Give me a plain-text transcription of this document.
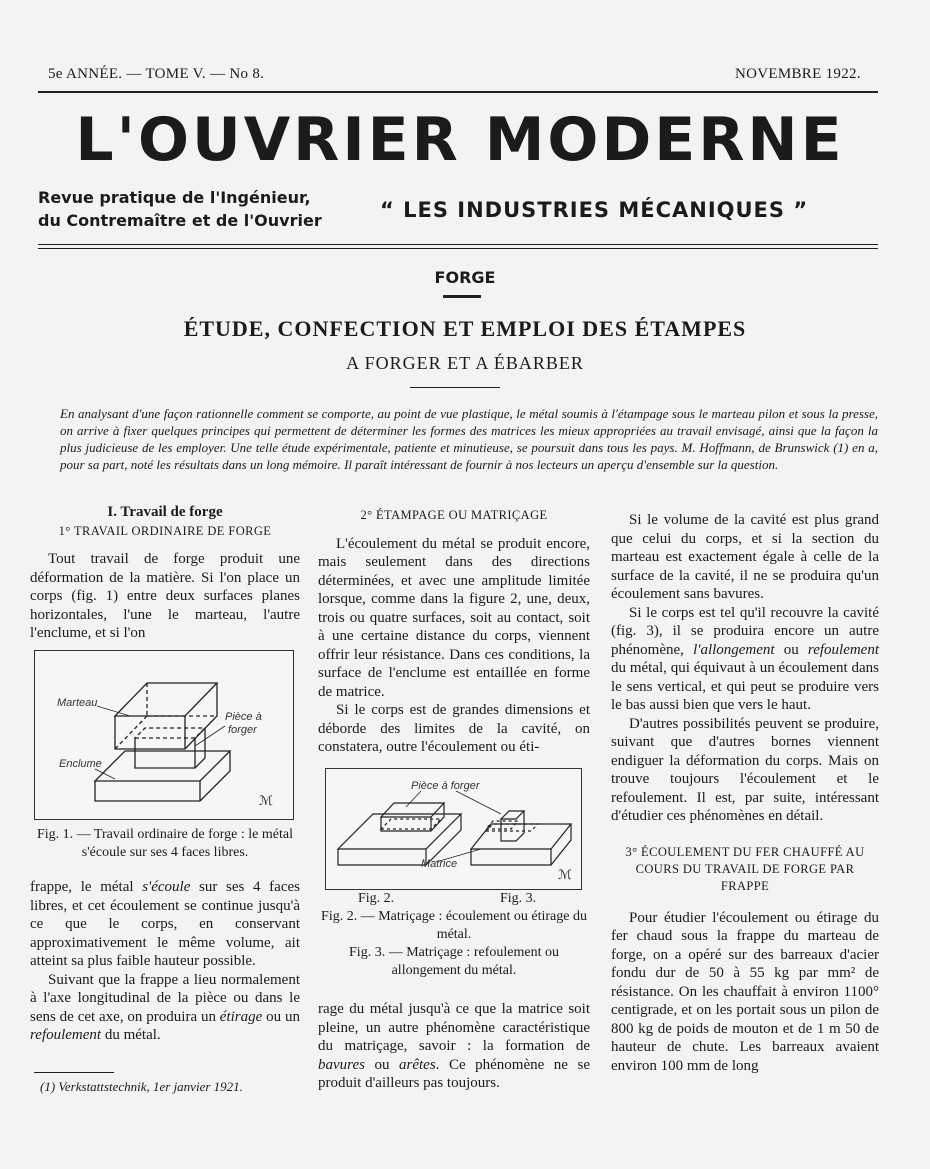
5e ANNÉE. — TOME V. — No 8.	NOVEMBRE 1922.
L'OUVRIER MODERNE
Revue pratique de l'Ingénieur,
du Contremaître et de l'Ouvrier	“ LES INDUSTRIES MÉCANIQUES ”
FORGE
ÉTUDE, CONFECTION ET EMPLOI DES ÉTAMPES
A FORGER ET A ÉBARBER
En analysant d'une façon rationnelle comment se comporte, au point de vue plastique, le métal soumis à l'étampage sous le marteau pilon et sous la presse, on arrive à fixer quelques principes qui permettent de déterminer les formes des matrices les mieux appropriées au travail envisagé, ainsi que la façon la plus judicieuse de les employer. Une telle étude expérimentale, patiente et minutieuse, se poursuit dans tous les pays. M. Hoffmann, de Brunswick (1) en a, pour sa part, noté les résultats dans un long mémoire. Il paraît intéressant de fournir à nos lecteurs un aperçu d'ensemble sur la question.
I. Travail de forge
1° TRAVAIL ORDINAIRE DE FORGE

Tout travail de forge produit une déformation de la matière. Si l'on place un corps (fig. 1) entre deux surfaces planes horizontales, l'une le marteau, l'autre l'enclume, et si l'on

Marteau
Pièce à
forger
Enclume
ℳ
Fig. 1. — Travail ordinaire de forge : le métal s'écoule sur ses 4 faces libres.

frappe, le métal s'écoule sur ses 4 faces libres, et cet écoulement se continue jusqu'à ce que le corps, en conservant approximativement le même volume, ait atteint sa plus faible hauteur possible.

Suivant que la frappe a lieu normalement à l'axe longitudinal de la pièce ou dans le sens de cet axe, on produira un étirage ou un refoulement du métal.

(1) Verkstattstechnik, 1er janvier 1921.
2° ÉTAMPAGE OU MATRIÇAGE

L'écoulement du métal se produit encore, mais seulement dans des directions déterminées, et avec une amplitude limitée lorsque, comme dans la figure 2, une, deux, trois ou quatre surfaces, soit au contact, soit à une certaine distance du corps, viennent offrir leur résistance. Dans ces conditions, la surface de l'enclume est entaillée en forme de matrice.

Si le corps est de grandes dimensions et déborde des limites de la cavité, on constatera, outre l'écoulement ou éti-

Pièce à forger
Matrice
ℳ
Fig. 2.	Fig. 3.
Fig. 2. — Matriçage : écoulement ou étirage du métal.
Fig. 3. — Matriçage : refoulement ou allongement du métal.

rage du métal jusqu'à ce que la matrice soit pleine, un autre phénomène caractéristique du matriçage, savoir : la formation de bavures ou arêtes. Ce phénomène ne se produit d'ailleurs pas toujours.

Si le volume de la cavité est plus grand que celui du corps, et si la section du marteau est exactement égale à celle de la surface de la cavité, il ne se produira qu'un écoulement sans bavures.

Si le corps est tel qu'il recouvre la cavité (fig. 3), il se produira encore un autre phénomène, l'allongement ou refoulement du métal, qui équivaut à un écoulement dans le sens vertical, et qui peut se produire vers le bas aussi bien que vers le haut.

D'autres possibilités peuvent se produire, suivant que d'autres bornes viennent endiguer la déformation du corps. Mais on trouve toujours l'écoulement et le refoulement. Il est, par suite, intéressant d'étudier ces phénomènes en détail.

3° ÉCOULEMENT DU FER CHAUFFÉ AU COURS DU TRAVAIL DE FORGE PAR FRAPPE

Pour étudier l'écoulement ou étirage du fer chaud sous la frappe du marteau de forge, on a opéré sur des barreaux d'acier fondu dur de 50 à 55 kg par mm² de résistance. On les chauffait à environ 1100° centigrade, et on les portait sous un pilon de 800 kg de poids de mouton et de 1 m 50 de hauteur de chute. Les barreaux avaient environ 100 mm de long
